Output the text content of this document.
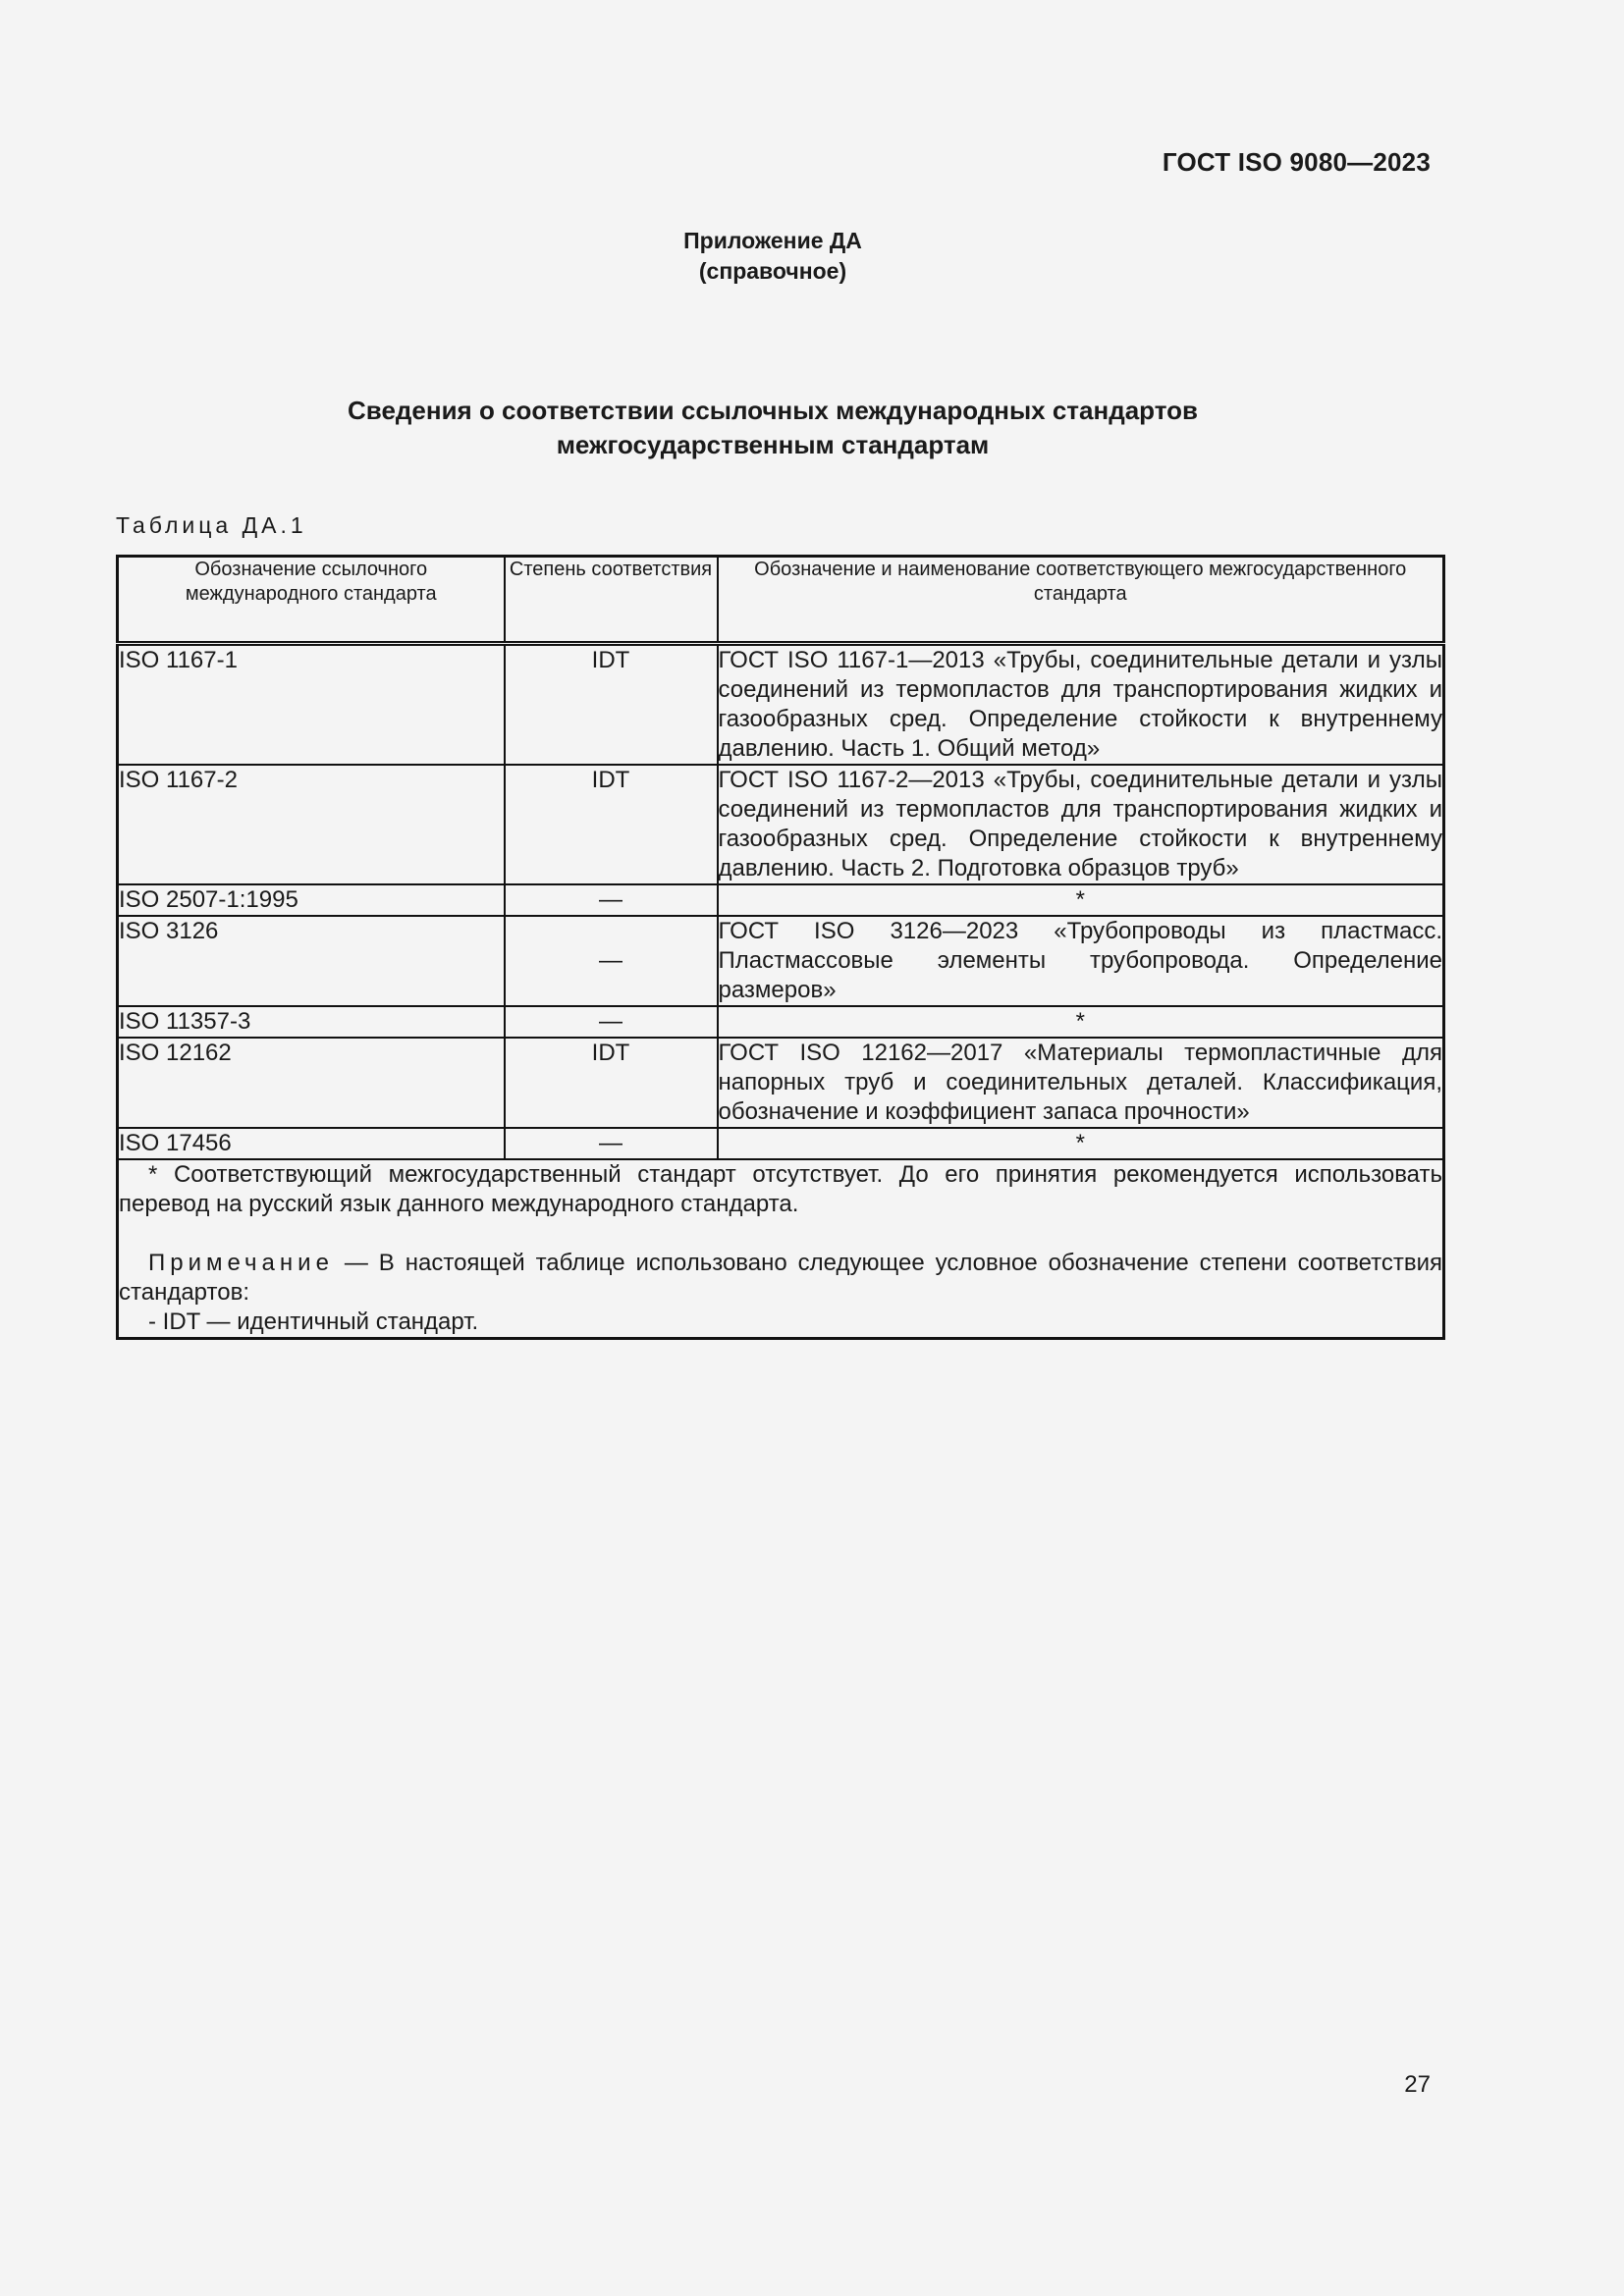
ГОСТ ISO 9080—2023
Приложение ДА
(справочное)
Сведения о соответствии ссылочных международных стандартов
межгосударственным стандартам
Таблица ДА.1
Обозначение ссылочного международного стандарта	Степень соответствия	Обозначение и наименование соответствующего межгосударственного стандарта
ISO 1167-1	IDT	ГОСТ ISO 1167-1—2013 «Трубы, соединительные детали и узлы соединений из термопластов для транспортирования жидких и газообразных сред. Определение стойкости к внутреннему давлению. Часть 1. Общий метод»
ISO 1167-2	IDT	ГОСТ ISO 1167-2—2013 «Трубы, соединительные детали и узлы соединений из термопластов для транспортирования жидких и газообразных сред. Определение стойкости к внутреннему давлению. Часть 2. Подготовка образцов труб»
ISO 2507-1:1995	—	*
ISO 3126	—	ГОСТ ISO 3126—2023 «Трубопроводы из пластмасс. Пластмассовые элементы трубопровода. Определение размеров»
ISO 11357-3	—	*
ISO 12162	IDT	ГОСТ ISO 12162—2017 «Материалы термопластичные для напорных труб и соединительных деталей. Классификация, обозначение и коэффициент запаса прочности»
ISO 17456	—	*

* Соответствующий межгосударственный стандарт отсутствует. До его принятия рекомендуется использовать перевод на русский язык данного международного стандарта.
Примечание — В настоящей таблице использовано следующее условное обозначение степени соответствия стандартов:
- IDT — идентичный стандарт.		
27
